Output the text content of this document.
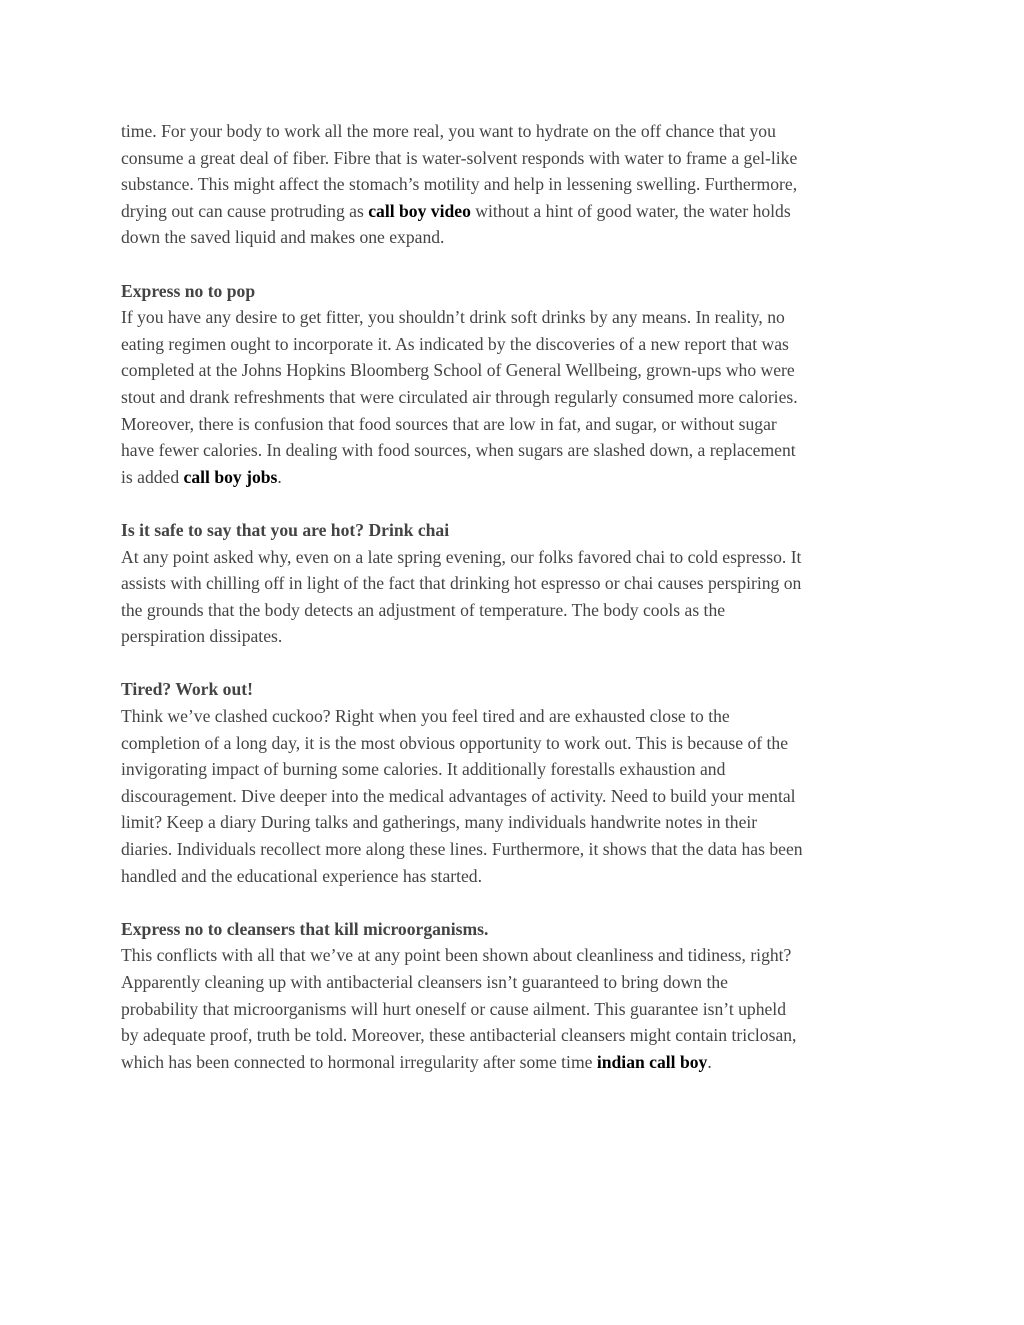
time. For your body to work all the more real, you want to hydrate on the off chance that you

consume a great deal of fiber. Fibre that is water-solvent responds with water to frame a gel-like

substance. This might affect the stomach’s motility and help in lessening swelling. Furthermore,

drying out can cause protruding as call boy video without a hint of good water, the water holds

down the saved liquid and makes one expand.

Express no to pop

If you have any desire to get fitter, you shouldn’t drink soft drinks by any means. In reality, no

eating regimen ought to incorporate it. As indicated by the discoveries of a new report that was

completed at the Johns Hopkins Bloomberg School of General Wellbeing, grown-ups who were

stout and drank refreshments that were circulated air through regularly consumed more calories.

Moreover, there is confusion that food sources that are low in fat, and sugar, or without sugar

have fewer calories. In dealing with food sources, when sugars are slashed down, a replacement

is added call boy jobs.

Is it safe to say that you are hot? Drink chai

At any point asked why, even on a late spring evening, our folks favored chai to cold espresso. It

assists with chilling off in light of the fact that drinking hot espresso or chai causes perspiring on

the grounds that the body detects an adjustment of temperature. The body cools as the

perspiration dissipates.

Tired? Work out!

Think we’ve clashed cuckoo? Right when you feel tired and are exhausted close to the

completion of a long day, it is the most obvious opportunity to work out. This is because of the

invigorating impact of burning some calories. It additionally forestalls exhaustion and

discouragement. Dive deeper into the medical advantages of activity. Need to build your mental

limit? Keep a diary During talks and gatherings, many individuals handwrite notes in their

diaries. Individuals recollect more along these lines. Furthermore, it shows that the data has been

handled and the educational experience has started.

Express no to cleansers that kill microorganisms.

This conflicts with all that we’ve at any point been shown about cleanliness and tidiness, right?

Apparently cleaning up with antibacterial cleansers isn’t guaranteed to bring down the

probability that microorganisms will hurt oneself or cause ailment. This guarantee isn’t upheld

by adequate proof, truth be told. Moreover, these antibacterial cleansers might contain triclosan,

which has been connected to hormonal irregularity after some time indian call boy.
